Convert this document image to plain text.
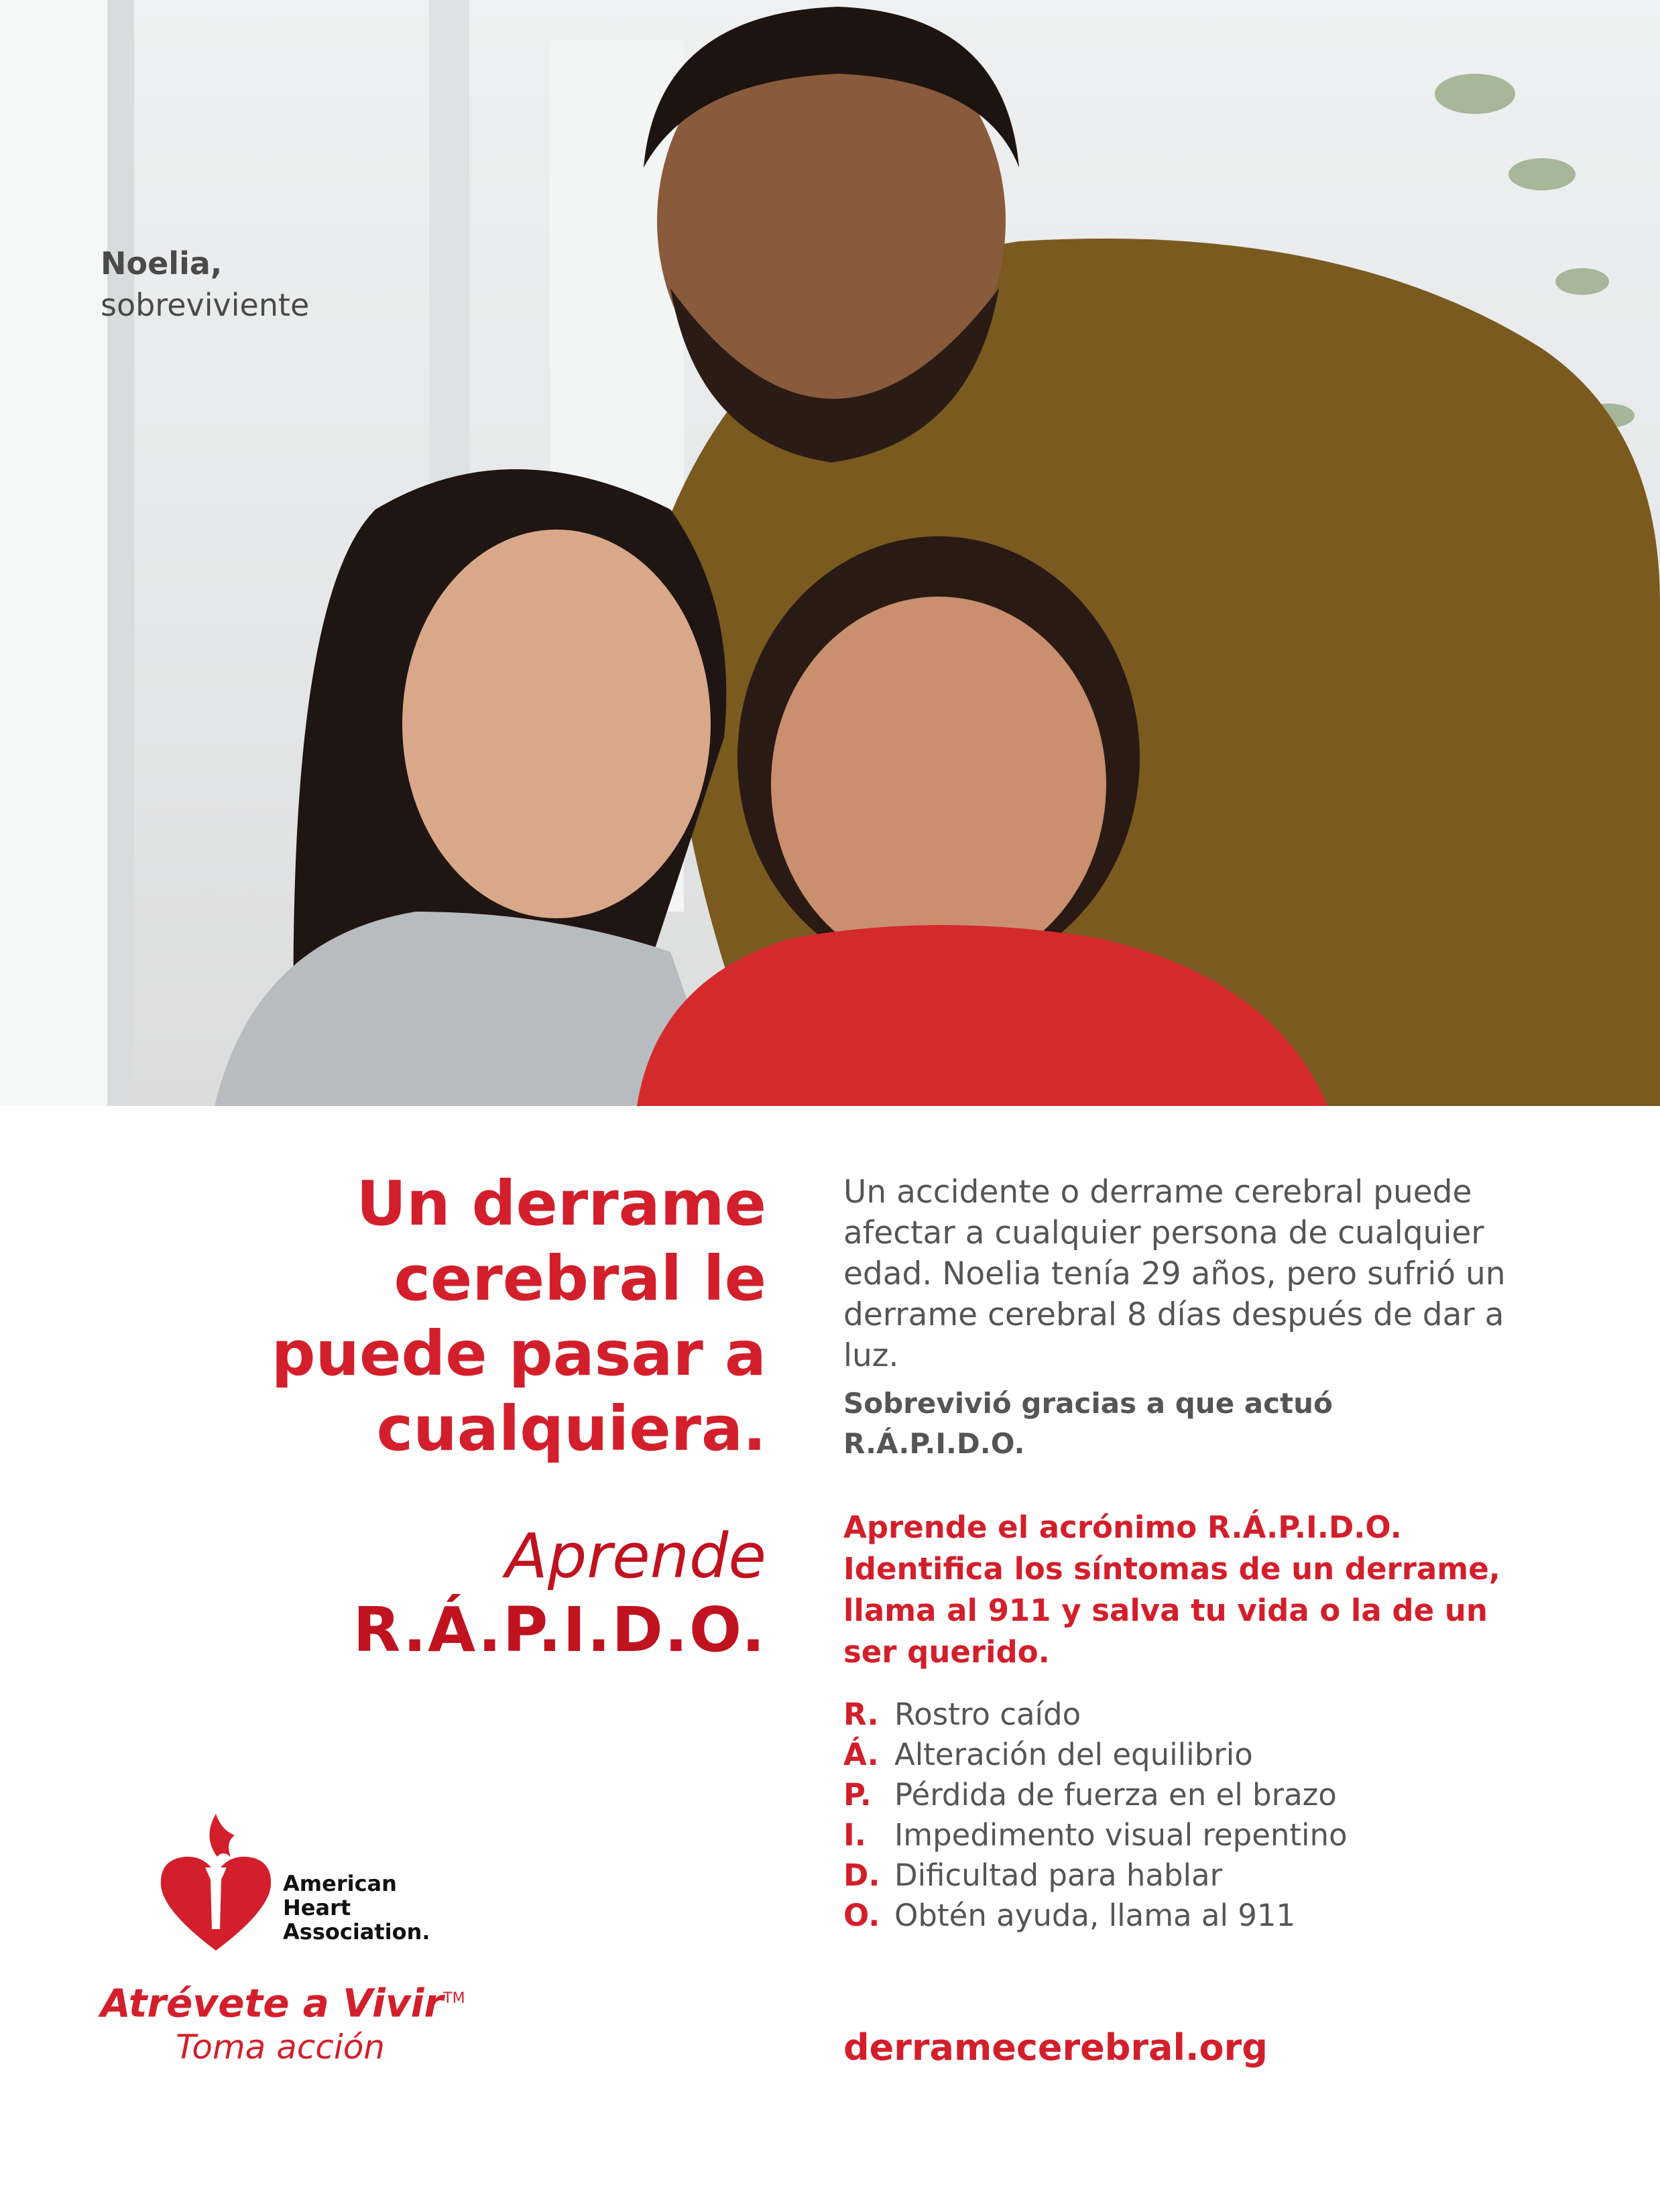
Noelia,
sobreviviente
Un derrame
cerebral le
puede pasar a
cualquiera.
Aprende
R.Á.P.I.D.O.
Un accidente o derrame cerebral puede afectar a cualquier persona de cualquier edad. Noelia tenía 29 años, pero sufrió un derrame cerebral 8 días después de dar a luz.
Sobrevivió gracias a que actuó R.Á.P.I.D.O.
Aprende el acrónimo R.Á.P.I.D.O. Identifica los síntomas de un derrame, llama al 911 y salva tu vida o la de un ser querido.
R. Rostro caído
Á. Alteración del equilibrio
P. Pérdida de fuerza en el brazo
I. Impedimento visual repentino
D. Dificultad para hablar
O. Obtén ayuda, llama al 911
derramecerebral.org
American
Heart
Association.
Atrévete a Vivir™
Toma acción
